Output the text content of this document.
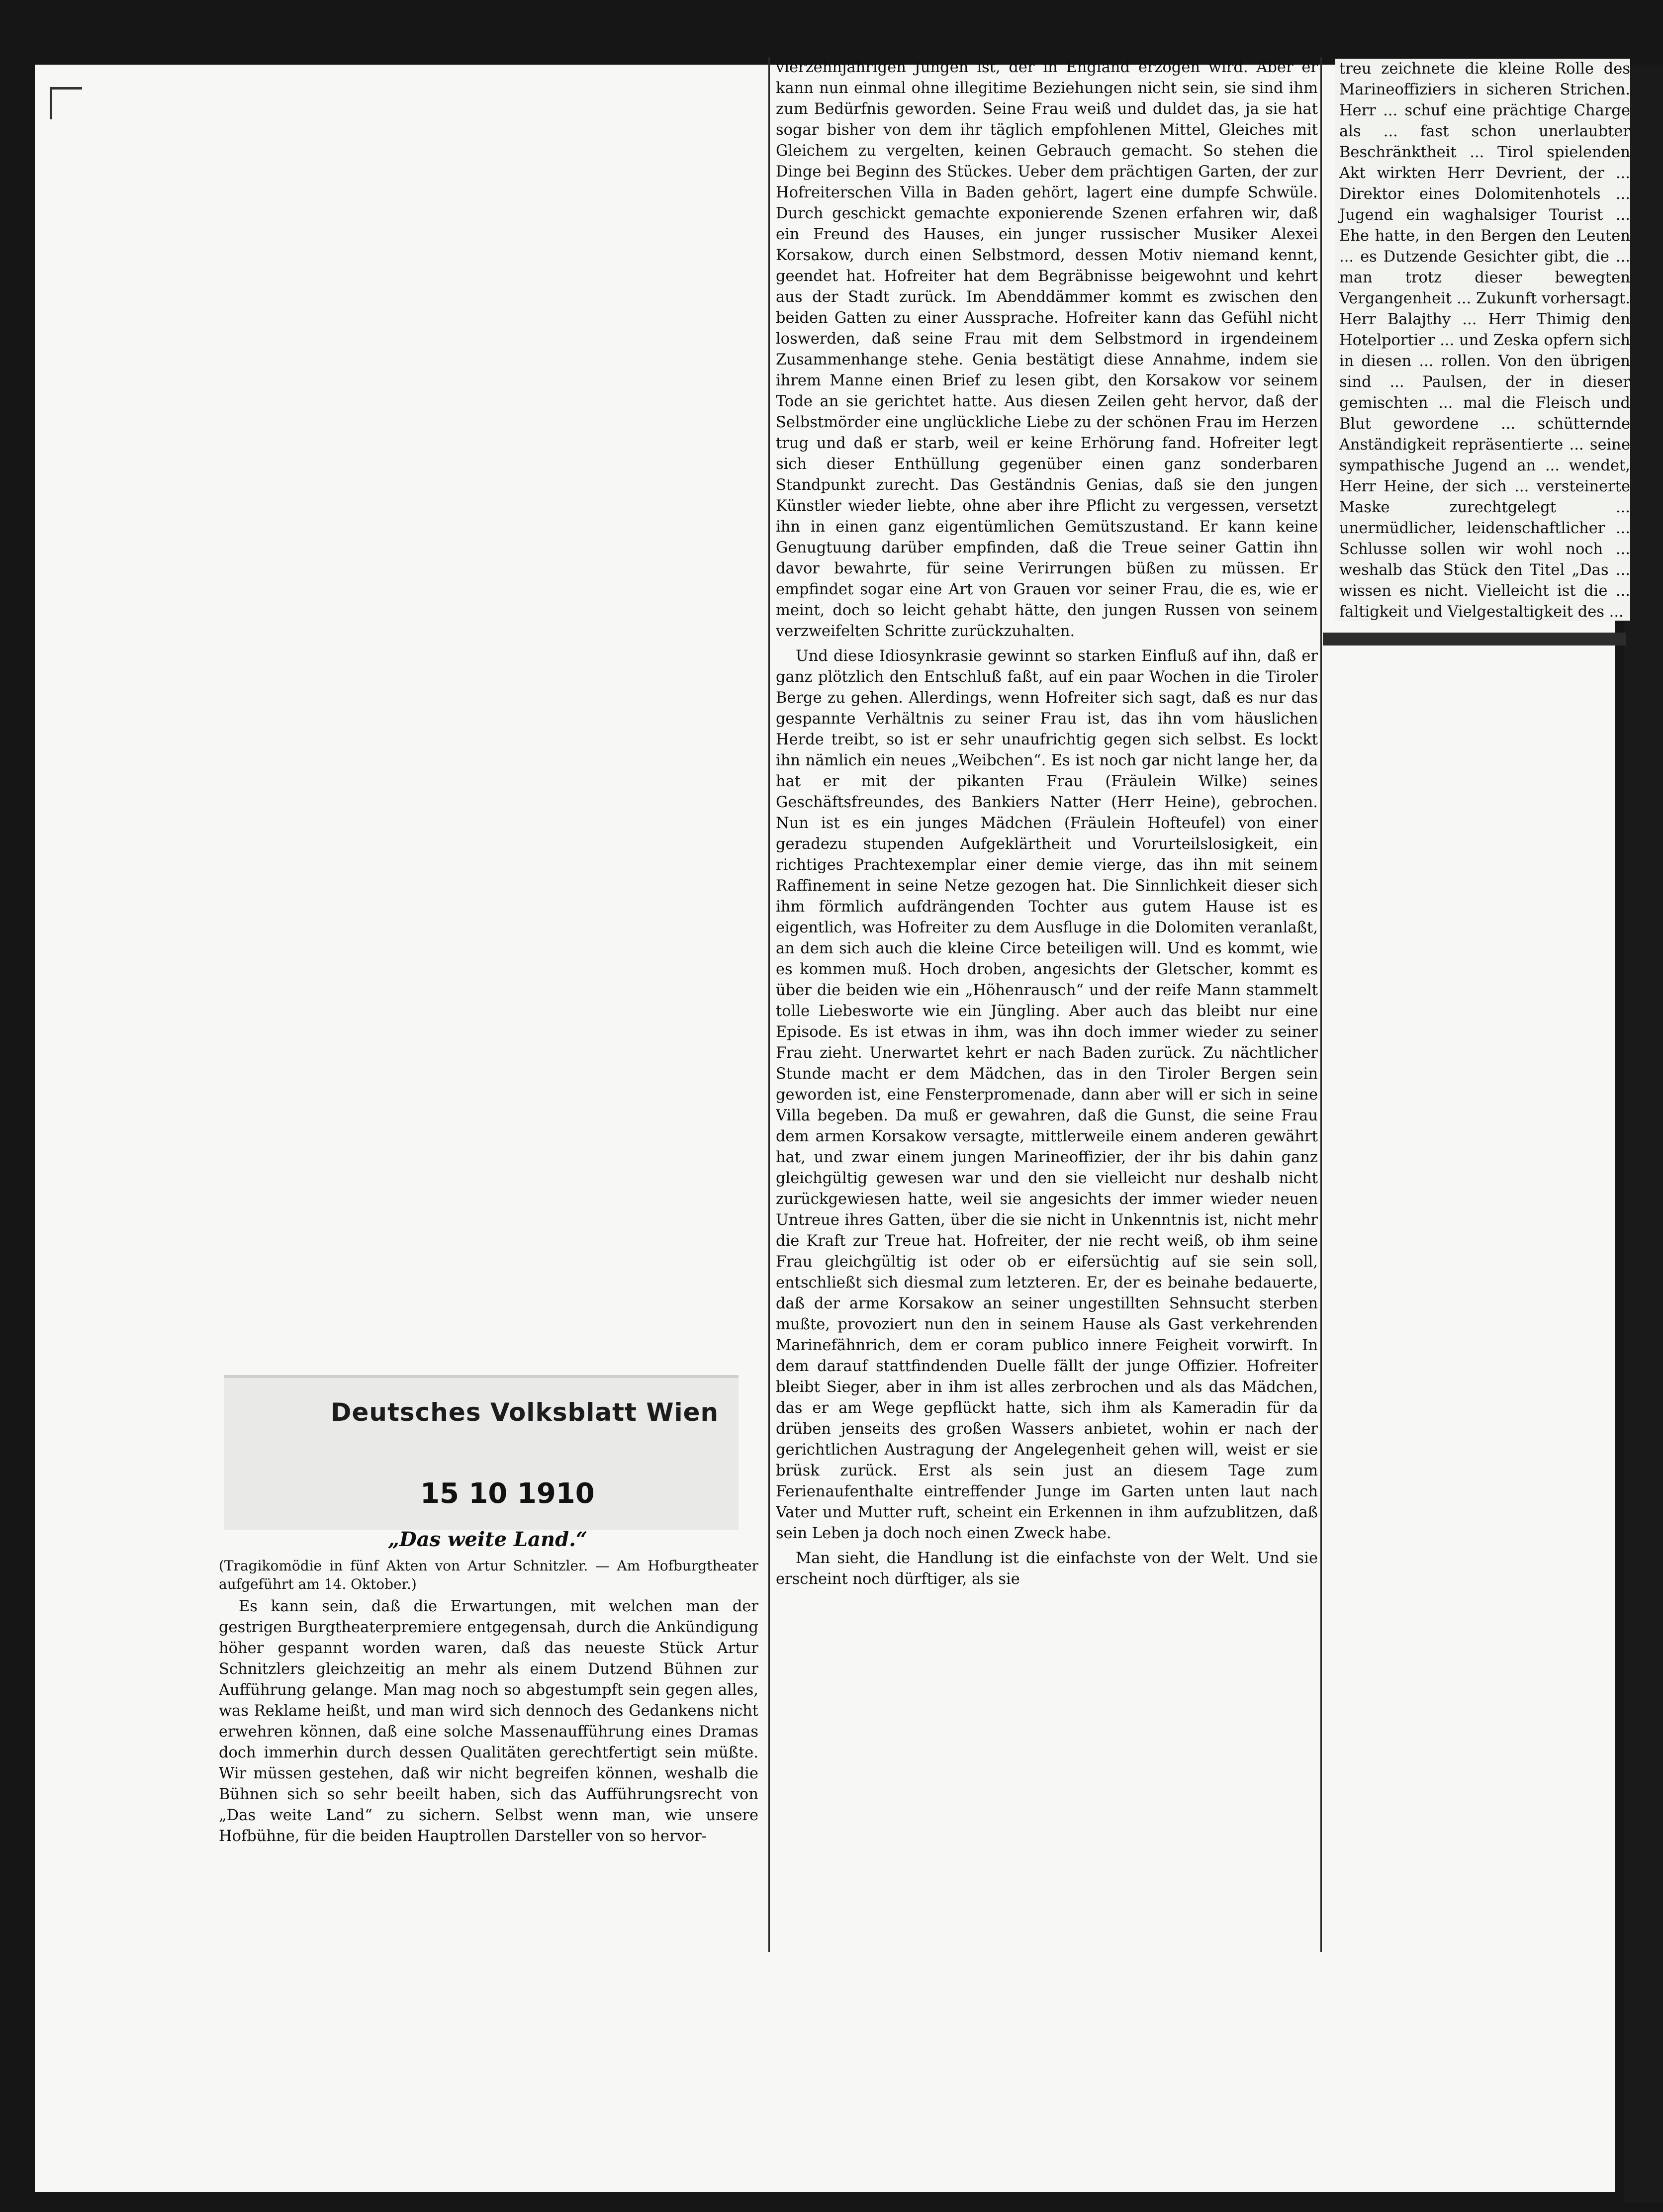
Deutsches Volksblatt Wien
15 10 1910
„Das weite Land.“

(Tragikomödie in fünf Akten von Artur Schnitzler. — Am Hofburgtheater aufgeführt am 14. Oktober.)

Es kann sein, daß die Erwartungen, mit welchen man der gestrigen Burgtheaterpremiere entgegensah, durch die Ankündigung höher gespannt worden waren, daß das neueste Stück Artur Schnitzlers gleichzeitig an mehr als einem Dutzend Bühnen zur Aufführung gelange. Man mag noch so abgestumpft sein gegen alles, was Reklame heißt, und man wird sich dennoch des Gedankens nicht erwehren können, daß eine solche Massenaufführung eines Dramas doch immerhin durch dessen Qualitäten gerechtfertigt sein müßte. Wir müssen gestehen, daß wir nicht begreifen können, weshalb die Bühnen sich so sehr beeilt haben, sich das Aufführungsrecht von „Das weite Land“ zu sichern. Selbst wenn man, wie unsere Hofbühne, für die beiden Hauptrollen Darsteller von so hervor-

vierzehnjährigen Jungen ist, der in England erzogen wird. Aber er kann nun einmal ohne illegitime Beziehungen nicht sein, sie sind ihm zum Bedürfnis geworden. Seine Frau weiß und duldet das, ja sie hat sogar bisher von dem ihr täglich empfohlenen Mittel, Gleiches mit Gleichem zu vergelten, keinen Gebrauch gemacht. So stehen die Dinge bei Beginn des Stückes. Ueber dem prächtigen Garten, der zur Hofreiterschen Villa in Baden gehört, lagert eine dumpfe Schwüle. Durch geschickt gemachte exponierende Szenen erfahren wir, daß ein Freund des Hauses, ein junger russischer Musiker Alexei Korsakow, durch einen Selbstmord, dessen Motiv niemand kennt, geendet hat. Hofreiter hat dem Begräbnisse beigewohnt und kehrt aus der Stadt zurück. Im Abenddämmer kommt es zwischen den beiden Gatten zu einer Aussprache. Hofreiter kann das Gefühl nicht loswerden, daß seine Frau mit dem Selbstmord in irgendeinem Zusammenhange stehe. Genia bestätigt diese Annahme, indem sie ihrem Manne einen Brief zu lesen gibt, den Korsakow vor seinem Tode an sie gerichtet hatte. Aus diesen Zeilen geht hervor, daß der Selbstmörder eine unglückliche Liebe zu der schönen Frau im Herzen trug und daß er starb, weil er keine Erhörung fand. Hofreiter legt sich dieser Enthüllung gegenüber einen ganz sonderbaren Standpunkt zurecht. Das Geständnis Genias, daß sie den jungen Künstler wieder liebte, ohne aber ihre Pflicht zu vergessen, versetzt ihn in einen ganz eigentümlichen Gemütszustand. Er kann keine Genugtuung darüber empfinden, daß die Treue seiner Gattin ihn davor bewahrte, für seine Verirrungen büßen zu müssen. Er empfindet sogar eine Art von Grauen vor seiner Frau, die es, wie er meint, doch so leicht gehabt hätte, den jungen Russen von seinem verzweifelten Schritte zurückzuhalten.

Und diese Idiosynkrasie gewinnt so starken Einfluß auf ihn, daß er ganz plötzlich den Entschluß faßt, auf ein paar Wochen in die Tiroler Berge zu gehen. Allerdings, wenn Hofreiter sich sagt, daß es nur das gespannte Verhältnis zu seiner Frau ist, das ihn vom häuslichen Herde treibt, so ist er sehr unaufrichtig gegen sich selbst. Es lockt ihn nämlich ein neues „Weibchen“. Es ist noch gar nicht lange her, da hat er mit der pikanten Frau (Fräulein Wilke) seines Geschäftsfreundes, des Bankiers Natter (Herr Heine), gebrochen. Nun ist es ein junges Mädchen (Fräulein Hofteufel) von einer geradezu stupenden Aufgeklärtheit und Vorurteilslosigkeit, ein richtiges Prachtexemplar einer demie vierge, das ihn mit seinem Raffinement in seine Netze gezogen hat. Die Sinnlichkeit dieser sich ihm förmlich aufdrängenden Tochter aus gutem Hause ist es eigentlich, was Hofreiter zu dem Ausfluge in die Dolomiten veranlaßt, an dem sich auch die kleine Circe beteiligen will. Und es kommt, wie es kommen muß. Hoch droben, angesichts der Gletscher, kommt es über die beiden wie ein „Höhenrausch“ und der reife Mann stammelt tolle Liebesworte wie ein Jüngling. Aber auch das bleibt nur eine Episode. Es ist etwas in ihm, was ihn doch immer wieder zu seiner Frau zieht. Unerwartet kehrt er nach Baden zurück. Zu nächtlicher Stunde macht er dem Mädchen, das in den Tiroler Bergen sein geworden ist, eine Fensterpromenade, dann aber will er sich in seine Villa begeben. Da muß er gewahren, daß die Gunst, die seine Frau dem armen Korsakow versagte, mittlerweile einem anderen gewährt hat, und zwar einem jungen Marineoffizier, der ihr bis dahin ganz gleichgültig gewesen war und den sie vielleicht nur deshalb nicht zurückgewiesen hatte, weil sie angesichts der immer wieder neuen Untreue ihres Gatten, über die sie nicht in Unkenntnis ist, nicht mehr die Kraft zur Treue hat. Hofreiter, der nie recht weiß, ob ihm seine Frau gleichgültig ist oder ob er eifersüchtig auf sie sein soll, entschließt sich diesmal zum letzteren. Er, der es beinahe bedauerte, daß der arme Korsakow an seiner ungestillten Sehnsucht sterben mußte, provoziert nun den in seinem Hause als Gast verkehrenden Marinefähnrich, dem er coram publico innere Feigheit vorwirft. In dem darauf stattfindenden Duelle fällt der junge Offizier. Hofreiter bleibt Sieger, aber in ihm ist alles zerbrochen und als das Mädchen, das er am Wege gepflückt hatte, sich ihm als Kameradin für da drüben jenseits des großen Wassers anbietet, wohin er nach der gerichtlichen Austragung der Angelegenheit gehen will, weist er sie brüsk zurück. Erst als sein just an diesem Tage zum Ferienaufenthalte eintreffender Junge im Garten unten laut nach Vater und Mutter ruft, scheint ein Erkennen in ihm aufzublitzen, daß sein Leben ja doch noch einen Zweck habe.

Man sieht, die Handlung ist die einfachste von der Welt. Und sie erscheint noch dürftiger, als sie

treu zeichnete die kleine Rolle des Marineoffiziers in sicheren Strichen. Herr ... schuf eine prächtige Charge als ... fast schon unerlaubter Beschränktheit ... Tirol spielenden Akt wirkten Herr Devrient, der ... Direktor eines Dolomitenhotels ... Jugend ein waghalsiger Tourist ... Ehe hatte, in den Bergen den Leuten ... es Dutzende Gesichter gibt, die ... man trotz dieser bewegten Vergangenheit ... Zukunft vorhersagt. Herr Balajthy ... Herr Thimig den Hotelportier ... und Zeska opfern sich in diesen ... rollen. Von den übrigen sind ... Paulsen, der in dieser gemischten ... mal die Fleisch und Blut gewordene ... schütternde Anständigkeit repräsentierte ... seine sympathische Jugend an ... wendet, Herr Heine, der sich ... versteinerte Maske zurechtgelegt ... unermüdlicher, leidenschaftlicher ... Schlusse sollen wir wohl noch ... weshalb das Stück den Titel „Das ... wissen es nicht. Vielleicht ist die ... faltigkeit und Vielgestaltigkeit des ...
